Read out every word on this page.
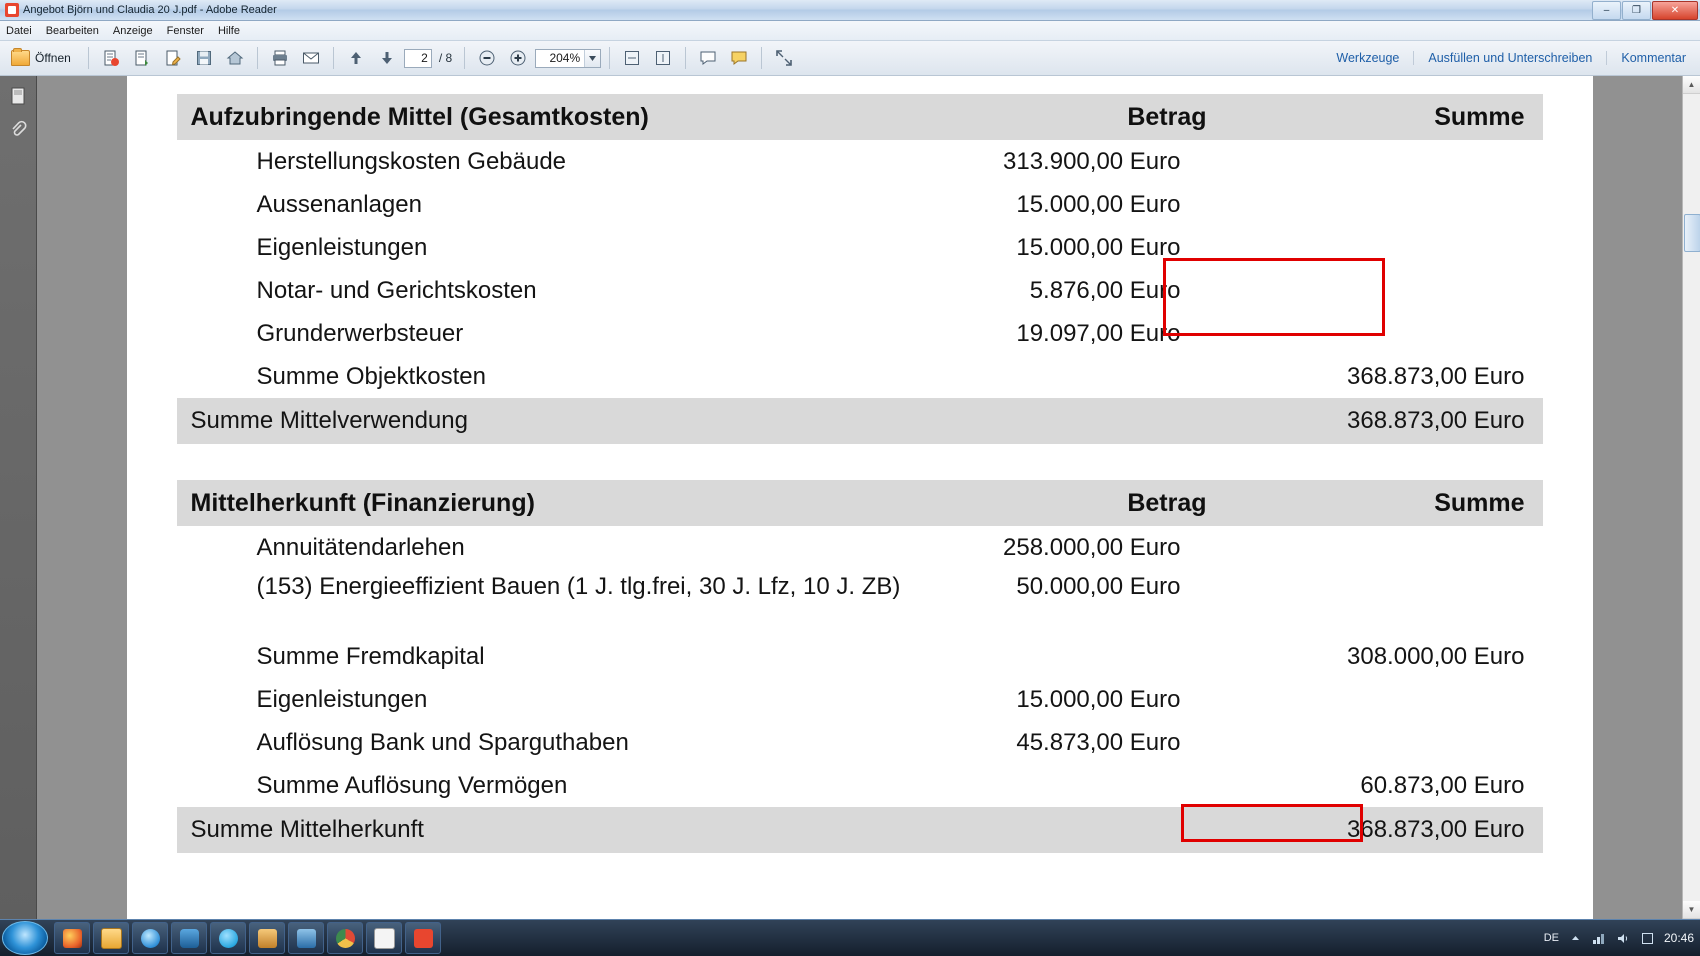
Angebot Björn und Claudia 20 J.pdf - Adobe Reader	–	❐	✕
Datei Bearbeiten Anzeige Fenster Hilfe
Öffnen	2 / 8	204%	Werkzeuge	Ausfüllen und Unterschreiben	Kommentar
Aufzubringende Mittel (Gesamtkosten)	Betrag	Summe
Herstellungskosten Gebäude	313.900,00 Euro	
Aussenanlagen	15.000,00 Euro	
Eigenleistungen	15.000,00 Euro	
Notar- und Gerichtskosten	5.876,00 Euro	
Grunderwerbsteuer	19.097,00 Euro	
Summe Objektkosten		368.873,00 Euro
Summe Mittelverwendung		368.873,00 Euro

Mittelherkunft (Finanzierung)	Betrag	Summe
Annuitätendarlehen	258.000,00 Euro	
(153) Energieeffizient Bauen (1 J. tlg.frei, 30 J. Lfz, 10 J. ZB)	50.000,00 Euro	
Summe Fremdkapital		308.000,00 Euro
Eigenleistungen	15.000,00 Euro	
Auflösung Bank und Sparguthaben	45.873,00 Euro	
Summe Auflösung Vermögen		60.873,00 Euro
Summe Mittelherkunft		368.873,00 Euro
▲
▼
DE	20:46
